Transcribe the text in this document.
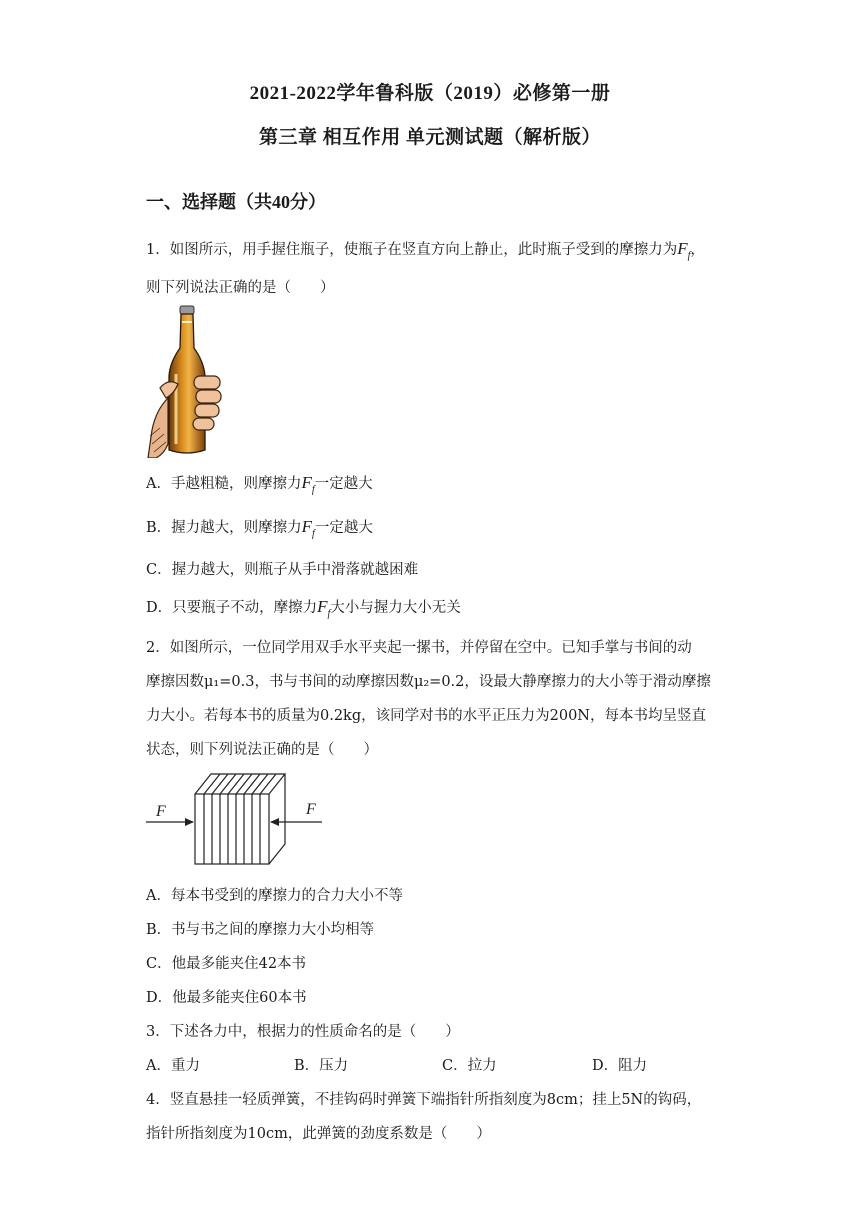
2021-2022学年鲁科版（2019）必修第一册
第三章 相互作用 单元测试题（解析版）
一、选择题（共40分）
1．如图所示，用手握住瓶子，使瓶子在竖直方向上静止，此时瓶子受到的摩擦力为$F_f$，
则下列说法正确的是（　　）
A．手越粗糙，则摩擦力$F_f$一定越大
B．握力越大，则摩擦力$F_f$一定越大
C．握力越大，则瓶子从手中滑落就越困难
D．只要瓶子不动，摩擦力$F_f$大小与握力大小无关
2．如图所示，一位同学用双手水平夹起一摞书，并停留在空中。已知手掌与书间的动
摩擦因数μ₁=0.3，书与书间的动摩擦因数μ₂=0.2，设最大静摩擦力的大小等于滑动摩擦
力大小。若每本书的质量为0.2kg，该同学对书的水平正压力为200N，每本书均呈竖直
状态，则下列说法正确的是（　　）
F	F
A．每本书受到的摩擦力的合力大小不等
B．书与书之间的摩擦力大小均相等
C．他最多能夹住42本书
D．他最多能夹住60本书
3．下述各力中，根据力的性质命名的是（　　）
A．重力	B．压力	C．拉力	D．阻力
4．竖直悬挂一轻质弹簧，不挂钩码时弹簧下端指针所指刻度为8cm；挂上5N的钩码，
指针所指刻度为10cm，此弹簧的劲度系数是（　　）
